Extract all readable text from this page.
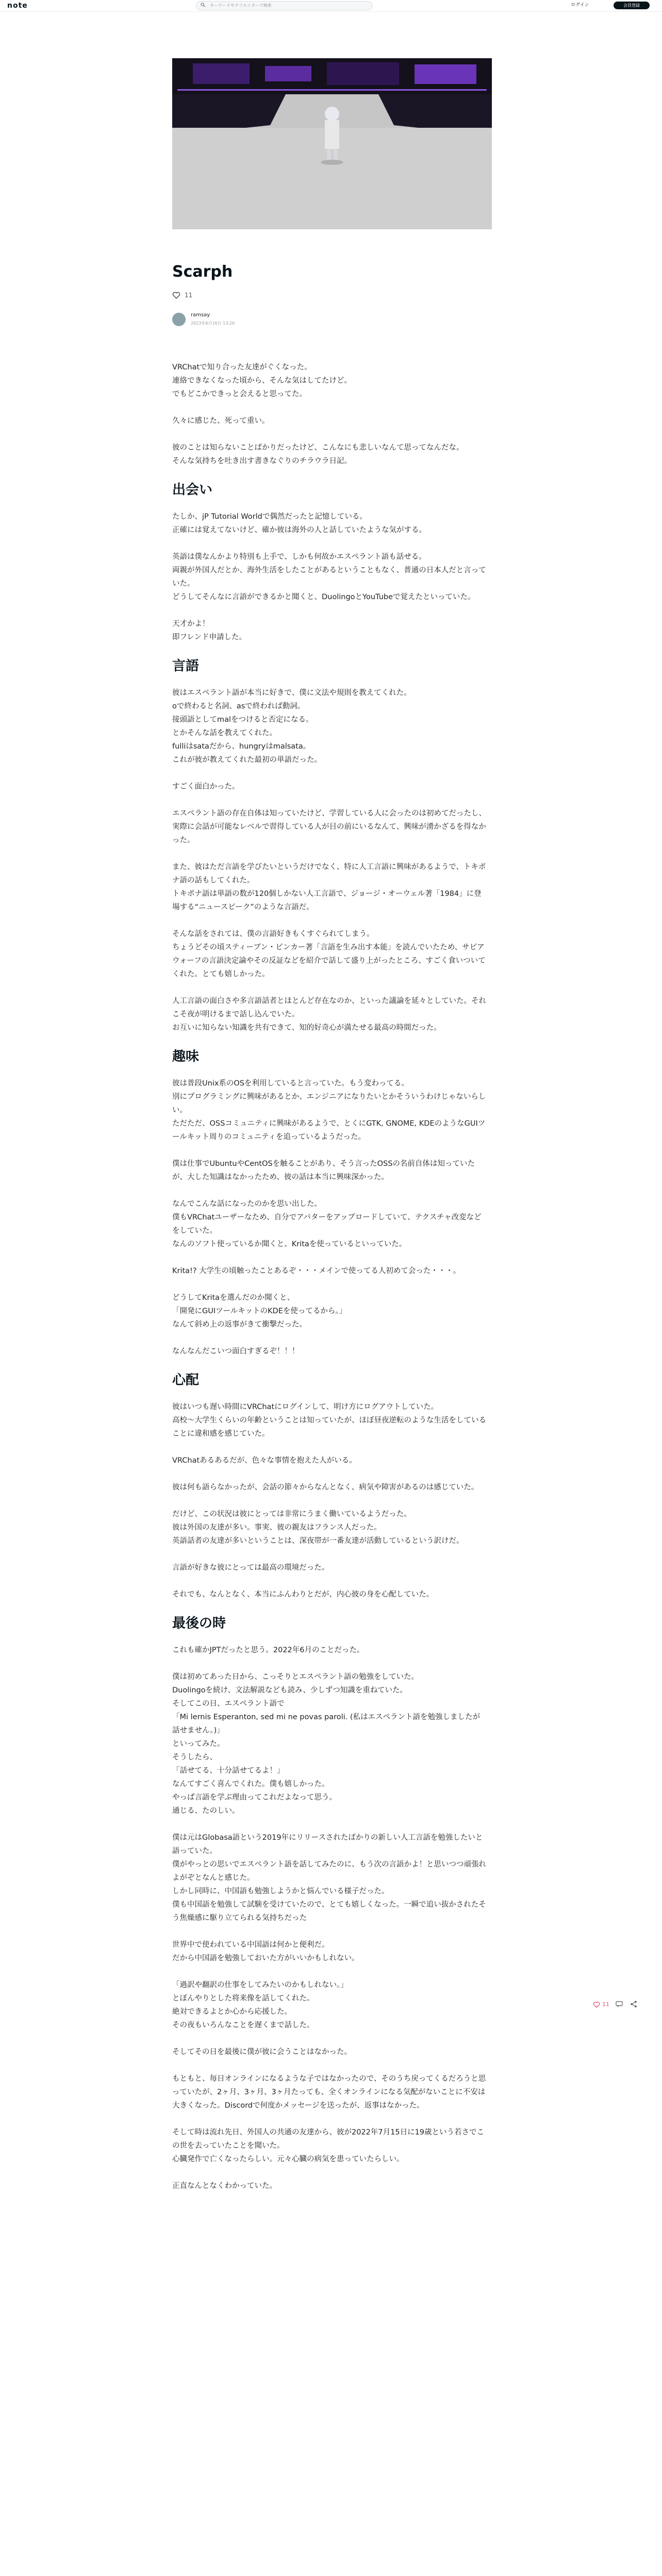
note	キーワードやクリエイターで検索	ログイン	会員登録
Scarph
11
ramsay
2023年6月16日 13:20

VRChatで知り合った友達がぐくなった。
連絡できなくなった頃から、そんな気はしてたけど。
でもどこかできっと会えると思ってた。

久々に感じた、死って重い。

彼のことは知らないことばかりだったけど、こんなにも悲しいなんて思ってなんだな。
そんな気持ちを吐き出す書きなぐりのチラウラ日記。

出会い

たしか、jP Tutorial Worldで偶然だったと記憶している。
正確には覚えてないけど、確か彼は海外の人と話していたような気がする。

英語は僕なんかより特別も上手で、しかも何故かエスペラント語も話せる。
両親が外国人だとか、海外生活をしたことがあるということもなく、普通の日本人だと言っていた。
どうしてそんなに言語ができるかと聞くと、DuolingoとYouTubeで覚えたといっていた。

天才かよ！
即フレンド申請した。

言語

彼はエスペラント語が本当に好きで、僕に文法や規則を教えてくれた。
oで終わると名詞、asで終われば動詞。
接頭語としてmalをつけると否定になる。
とかそんな話を教えてくれた。
fulliはsataだから、hungryはmalsata。
これが彼が教えてくれた最初の単語だった。

すごく面白かった。

エスペラント語の存在自体は知っていたけど、学習している人に会ったのは初めてだったし、実際に会話が可能なレベルで習得している人が目の前にいるなんて、興味が湧かざるを得なかった。

また、彼はただ言語を学びたいというだけでなく、特に人工言語に興味があるようで、トキポナ語の話もしてくれた。
トキポナ語は単語の数が120個しかない人工言語で、ジョージ・オーウェル著「1984」に登場する“ニュースピーク”のような言語だ。

そんな話をされては、僕の言語好きもくすぐられてしまう。
ちょうどその頃スティーブン・ピンカー著「言語を生み出す本能」を読んでいたため、サピアウォーフの言語決定論やその反証などを紹介で話して盛り上がったところ、すごく食いついてくれた。とても嬉しかった。

人工言語の面白さや多言語話者とほとんど存在なのか、といった議論を延々としていた。それこそ夜が明けるまで話し込んでいた。
お互いに知らない知識を共有できて、知的好奇心が満たせる最高の時間だった。

趣味

彼は普段Unix系のOSを利用していると言っていた。もう変わってる。
別にプログラミングに興味があるとか、エンジニアになりたいとかそういうわけじゃないらしい。
ただただ、OSSコミュニティに興味があるようで、とくにGTK, GNOME, KDEのようなGUIツールキット周りのコミュニティを追っているようだった。

僕は仕事でUbuntuやCentOSを触ることがあり、そう言ったOSSの名前自体は知っていたが、大した知識はなかったため、彼の話は本当に興味深かった。

なんでこんな話になったのかを思い出した。
僕もVRChatユーザーなため、自分でアバターをアップロードしていて、テクスチャ改変などをしていた。
なんのソフト使っているか聞くと、Kritaを使っているといっていた。

Krita!? 大学生の頃触ったことあるぞ・・・メインで使ってる人初めて会った・・・。

どうしてKritaを選んだのか聞くと、
「開発にGUIツールキットのKDEを使ってるから。」
なんて斜め上の返事がきて衝撃だった。

なんなんだこいつ面白すぎるぞ！！！

心配

彼はいつも遅い時間にVRChatにログインして、明け方にログアウトしていた。
高校〜大学生くらいの年齢ということは知っていたが、ほぼ昼夜逆転のような生活をしていることに違和感を感じていた。

VRChatあるあるだが、色々な事情を抱えた人がいる。

彼は何も語らなかったが、会話の節々からなんとなく、病気や障害があるのは感じていた。

だけど、この状況は彼にとっては非常にうまく働いているようだった。
彼は外国の友達が多い。事実、彼の親友はフランス人だった。
英語話者の友達が多いということは、深夜帯が一番友達が活動しているという訳けだ。

言語が好きな彼にとっては最高の環境だった。

それでも、なんとなく、本当にふんわりとだが、内心彼の身を心配していた。

最後の時

これも確かJPTだったと思う。2022年6月のことだった。

僕は初めてあった日から、こっそりとエスペラント語の勉強をしていた。
Duolingoを続け、文法解説なども読み、少しずつ知識を重ねていた。
そしてこの日、エスペラント語で
「Mi lernis Esperanton, sed mi ne povas paroli. (私はエスペラント語を勉強しましたが話せません。)」
といってみた。
そうしたら、
「話せてる、十分話せてるよ！」
なんてすごく喜んでくれた。僕も嬉しかった。
やっぱ言語を学ぶ理由ってこれだよなって思う。
通じる、たのしい。

僕は元はGlobasa語という2019年にリリースされたばかりの新しい人工言語を勉強したいと語っていた。
僕がやっとの思いでエスペラント語を話してみたのに、もう次の言語かよ！と思いつつ頑張れよがぞとなんと感じた。
しかし同時に、中国語も勉強しようかと悩んでいる様子だった。
僕も中国語を勉強して試験を受けていたので、とても嬉しくなった。一瞬で追い抜かされたそう焦燥感に駆り立てられる気持ちだった

世界中で使われている中国語は何かと便利だ。
だから中国語を勉強しておいた方がいいかもしれない。

「過訳や翻訳の仕事をしてみたいのかもしれない。」
とぼんやりとした将来像を話してくれた。
絶対できるよとか心から応援した。
その夜もいろんなことを遅くまで話した。

そしてその日を最後に僕が彼に会うことはなかった。

もともと、毎日オンラインになるような子ではなかったので、そのうち戻ってくるだろうと思っていたが、2ヶ月、3ヶ月、3ヶ月たっても、全くオンラインになる気配がないことに不安は大きくなった。Discordで何度かメッセージを送ったが、返事はなかった。

そして時は流れ先日、外国人の共通の友達から、彼が2022年7月15日に19歳という若さでこの世を去っていたことを聞いた。
心臓発作で亡くなったらしい。元々心臓の病気を患っていたらしい。

正直なんとなくわかっていた。

11
